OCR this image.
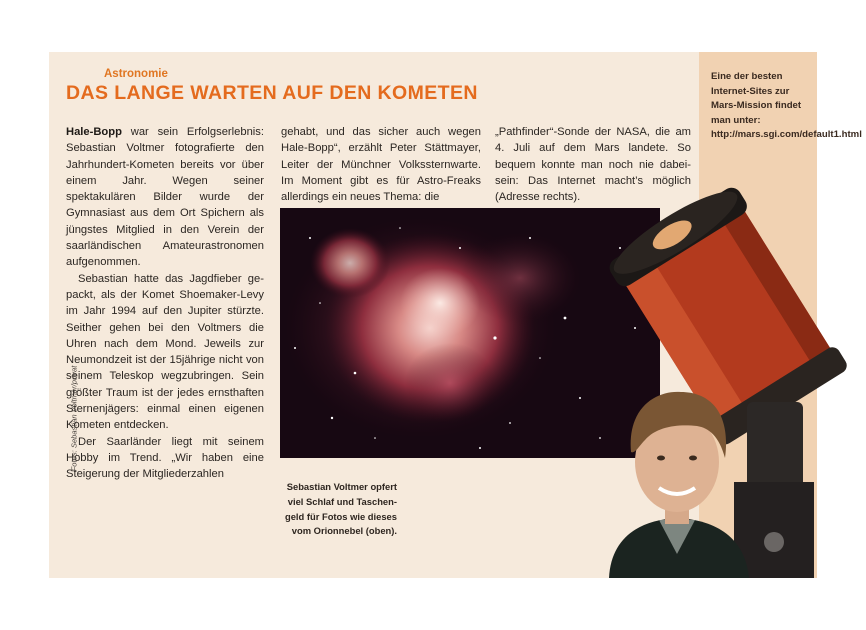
Eine der besten Internet-Sites zur Mars-Mission findet man unter: http://mars.sgi.com/default1.html
Astronomie
DAS LANGE WARTEN AUF DEN KOMETEN

Hale-Bopp war sein Erfolgserlebnis: Sebastian Voltmer fotografierte den Jahrhundert-Kometen bereits vor über einem Jahr. Wegen seiner spektakulären Bilder wurde der Gymnasiast aus dem Ort Spichern als jüngstes Mitglied in den Verein der saarländischen Amateurastronomen aufgenommen.

Sebastian hatte das Jagdfieber gepackt, als der Komet Shoemaker-Levy im Jahr 1994 auf den Jupiter stürzte. Seither gehen bei den Voltmers die Uhren nach dem Mond. Jeweils zur Neumondzeit ist der 15jährige nicht von seinem Teleskop wegzubringen. Sein größter Traum ist der jedes ernsthaften Sternenjägers: einmal einen eigenen Kometen entdecken.

Der Saarländer liegt mit seinem Hobby im Trend. „Wir haben eine Steigerung der Mitgliederzahlen

gehabt, und das sicher auch wegen Hale-Bopp“, erzählt Peter Stättmayer, Leiter der Münchner Volkssternwarte. Im Moment gibt es für Astro-Freaks allerdings ein neues Thema: die

„Pathfinder“-Sonde der NASA, die am 4. Juli auf dem Mars landete. So bequem konnte man noch nie dabeisein: Das Internet macht’s möglich (Adresse rechts).

Fotos: Sebastian Voltmer/privat
Sebastian Voltmer opfert viel Schlaf und Taschengeld für Fotos wie dieses vom Orionnebel (oben).
